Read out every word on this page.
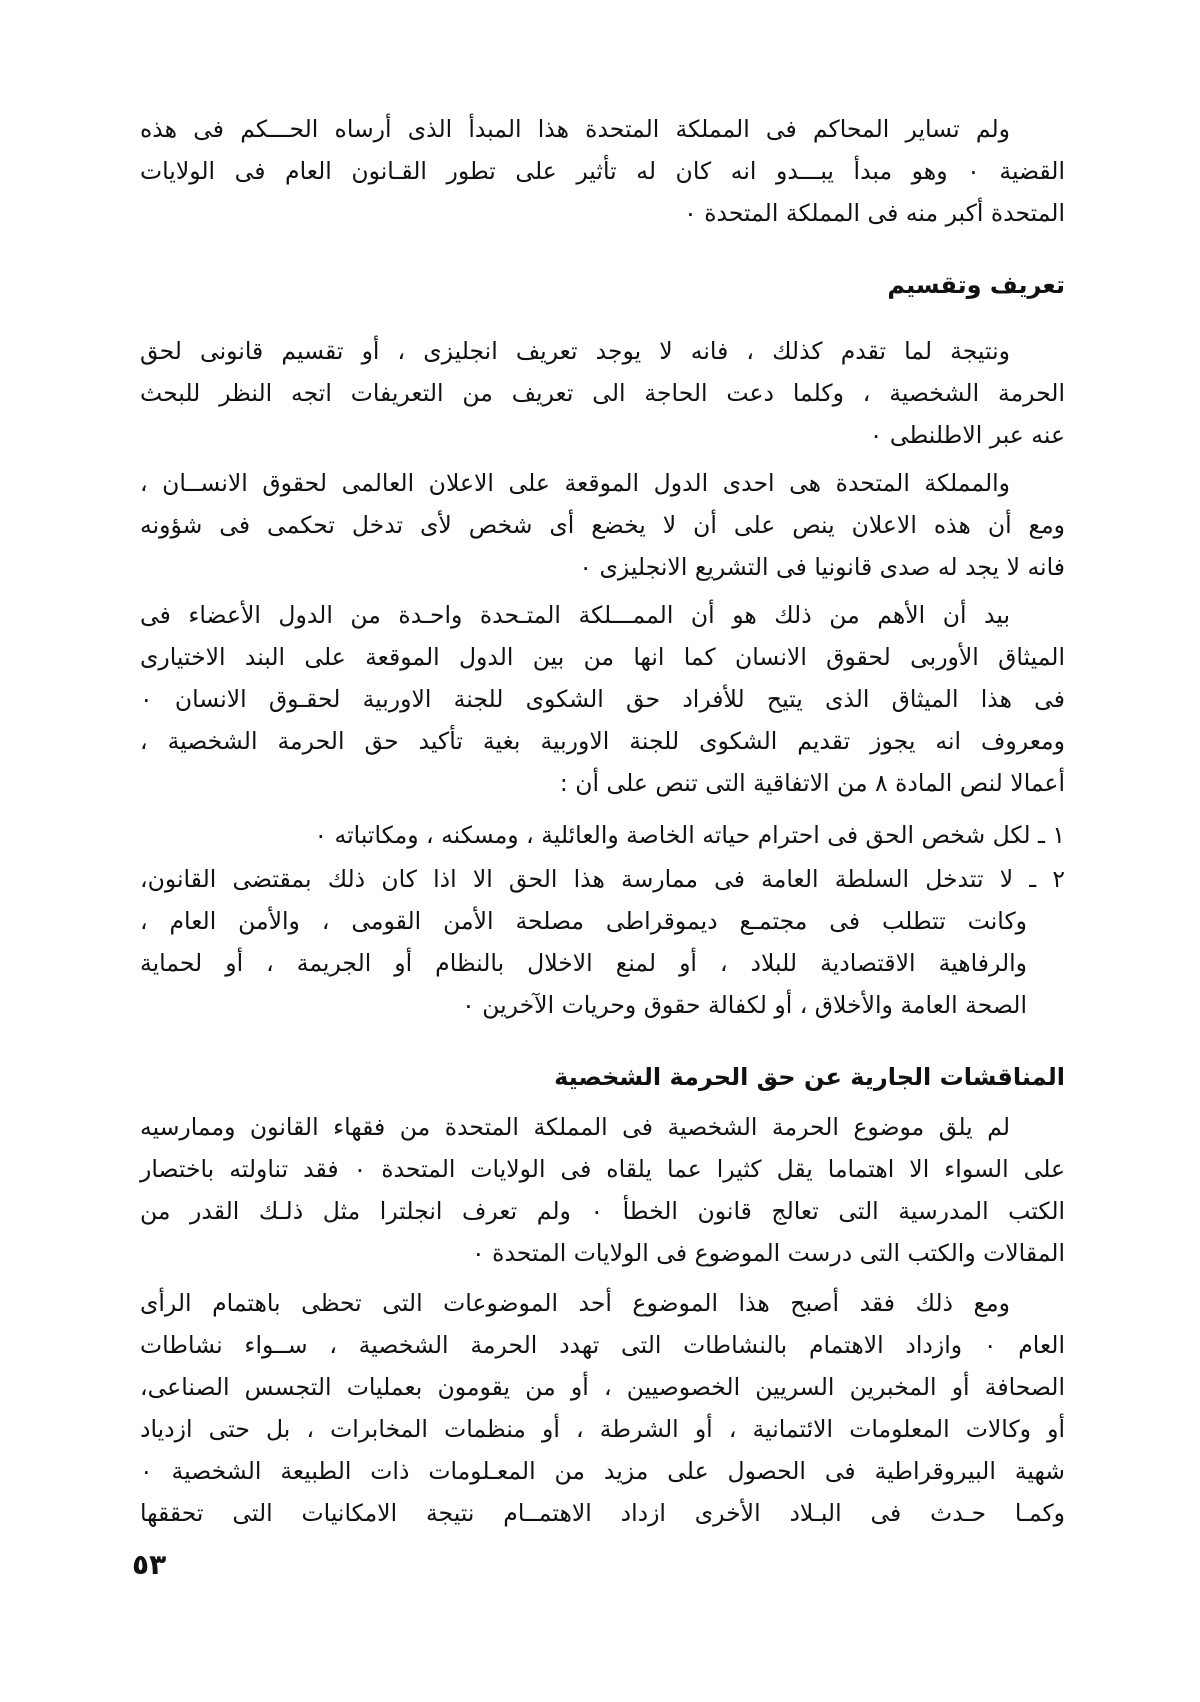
ولم تساير المحاكم فى المملكة المتحدة هذا المبدأ الذى أرساه الحـــكم فى هذه
القضية ٠ وهو مبدأ يبـــدو انه كان له تأثير على تطور القـانون العام فى الولايات
المتحدة أكبر منه فى المملكة المتحدة ٠

تعريف وتقسيم

ونتيجة لما تقدم كذلك ، فانه لا يوجد تعريف انجليزى ، أو تقسيم قانونى لحق
الحرمة الشخصية ، وكلما دعت الحاجة الى تعريف من التعريفات اتجه النظر للبحث
عنه عبر الاطلنطى ٠

والمملكة المتحدة هى احدى الدول الموقعة على الاعلان العالمى لحقوق الانســان ،
ومع أن هذه الاعلان ينص على أن لا يخضع أى شخص لأى تدخل تحكمى فى شؤونه
فانه لا يجد له صدى قانونيا فى التشريع الانجليزى ٠

بيد أن الأهم من ذلك هو أن الممـــلكة المتـحدة واحـدة من الدول الأعضاء فى
الميثاق الأوربى لحقوق الانسان كما انها من بين الدول الموقعة على البند الاختيارى
فى هذا الميثاق الذى يتيح للأفراد حق الشكوى للجنة الاوربية لحقـوق الانسان ٠
ومعروف انه يجوز تقديم الشكوى للجنة الاوربية بغية تأكيد حق الحرمة الشخصية ،
أعمالا لنص المادة ٨ من الاتفاقية التى تنص على أن :

١ ـ لكل شخص الحق فى احترام حياته الخاصة والعائلية ، ومسكنه ، ومكاتباته ٠

٢ ـ لا تتدخل السلطة العامة فى ممارسة هذا الحق الا اذا كان ذلك بمقتضى القانون،
وكانت تتطلب فى مجتمـع ديموقراطى مصلحة الأمن القومى ، والأمن العام ،
والرفاهية الاقتصادية للبلاد ، أو لمنع الاخلال بالنظام أو الجريمة ، أو لحماية
الصحة العامة والأخلاق ، أو لكفالة حقوق وحريات الآخرين ٠

المناقشات الجارية عن حق الحرمة الشخصية

لم يلق موضوع الحرمة الشخصية فى المملكة المتحدة من فقهاء القانون وممارسيه
على السواء الا اهتماما يقل كثيرا عما يلقاه فى الولايات المتحدة ٠ فقد تناولته باختصار
الكتب المدرسية التى تعالج قانون الخطأ ٠ ولم تعرف انجلترا مثل ذلـك القدر من
المقالات والكتب التى درست الموضوع فى الولايات المتحدة ٠

ومع ذلك فقد أصبح هذا الموضوع أحد الموضوعات التى تحظى باهتمام الرأى
العام ٠ وازداد الاهتمام بالنشاطات التى تهدد الحرمة الشخصية ، ســواء نشاطات
الصحافة أو المخبرين السريين الخصوصيين ، أو من يقومون بعمليات التجسس الصناعى،
أو وكالات المعلومات الائتمانية ، أو الشرطة ، أو منظمات المخابرات ، بل حتى ازدياد
شهية البيروقراطية فى الحصول على مزيد من المعـلومات ذات الطبيعة الشخصية ٠
وكمـا حـدث فى البـلاد الأخرى ازداد الاهتمــام نتيجة الامكانيات التى تحققها

٥٣
